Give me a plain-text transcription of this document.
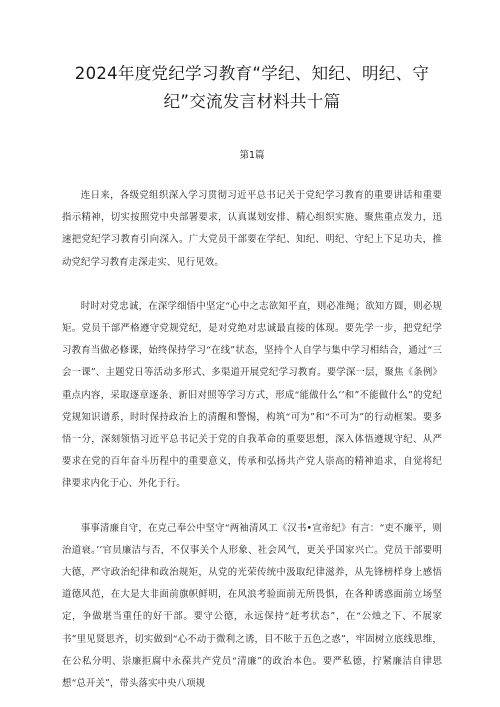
2024年度党纪学习教育“学纪、知纪、明纪、守纪”交流发言材料共十篇
第1篇

连日来，各级党组织深入学习贯彻习近平总书记关于党纪学习教育的重要讲话和重要指示精神，切实按照党中央部署要求，认真谋划安排、精心组织实施、聚焦重点发力，迅速把党纪学习教育引向深入。广大党员干部要在学纪、知纪、明纪、守纪上下足功夫，推动党纪学习教育走深走实、见行见效。

时时对党忠诚，在深学细悟中坚定“心中之志欲知平直，则必准绳；欲知方圆，则必规矩。党员干部严格遵守党规党纪，是对党绝对忠诚最直接的体现。要先学一步，把党纪学习教育当做必修课，始终保持学习“在线”状态，坚持个人自学与集中学习相结合，通过“三会一课”、主题党日等活动多形式、多渠道开展党纪学习教育。要学深一层，聚焦《条例》重点内容，采取逐章逐条、新旧对照等学习方式，形成“能做什么’’和”不能做什么”的党纪党规知识谱系，时时保持政治上的清醒和警惕，构筑“可为”和“不可为”的行动框架。要多悟一分，深刻领悟习近平总书记关于党的自我革命的重要思想，深入体悟遵规守纪、从严要求在党的百年奋斗历程中的重要意义，传承和弘扬共产党人崇高的精神追求，自觉将纪律要求内化于心、外化于行。

事事清廉自守，在克己奉公中坚守“两袖清风工《汉书•宣帝纪》有言：“吏不廉平，则治道衰。’’官员廉洁与否，不仅事关个人形象、社会风气，更关乎国家兴亡。党员干部要明大德，严守政治纪律和政治规矩，从党的光荣传统中汲取纪律滋养，从先锋榜样身上感悟道德风范，在大是大非面前旗帜鲜明，在风浪考验面前无所畏惧，在各种诱惑面前立场坚定，争做堪当重任的好干部。要守公德，永远保持“赶考状态”，在“公烛之下、不展家书”里见贤思齐，切实做到“心不动于微利之诱，目不眩于五色之惑”，牢固树立底线思维，在公私分明、崇廉拒腐中永葆共产党员“清廉”的政治本色。要严私德，拧紧廉洁自律思想“总开关”，带头落实中央八项规
